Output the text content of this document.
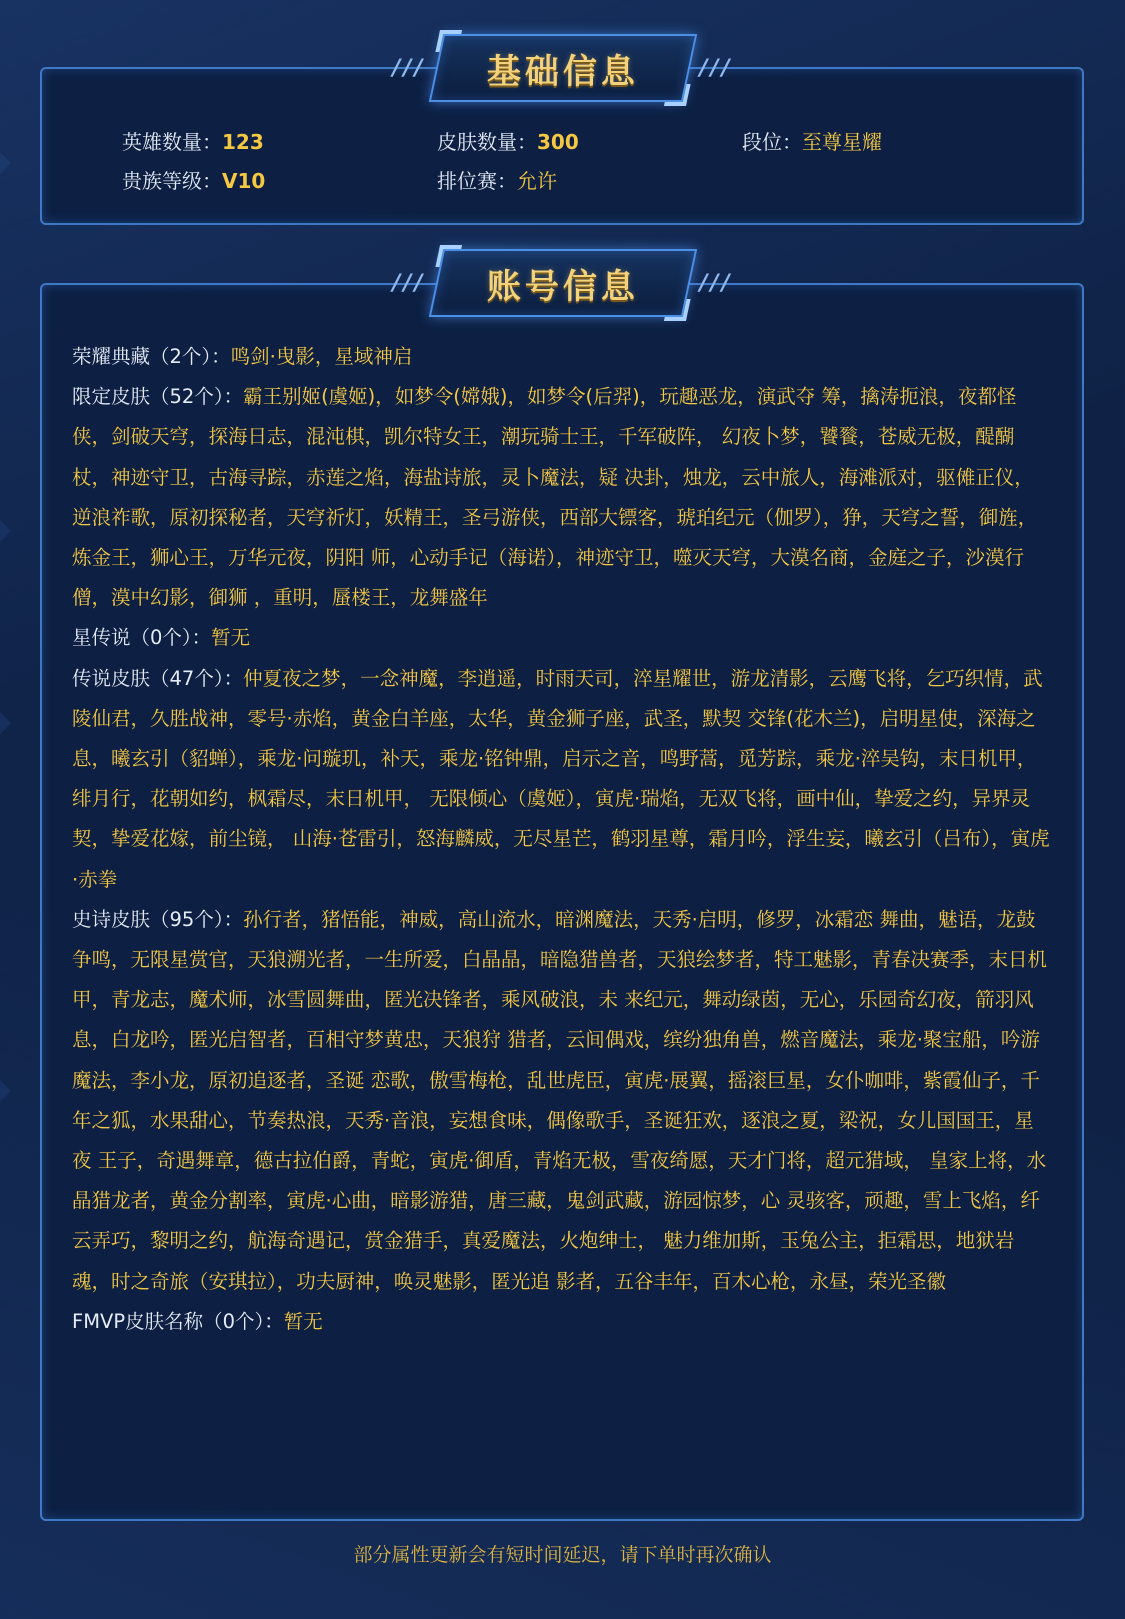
英雄数量：123	皮肤数量：300	段位：至尊星耀
贵族等级：V10	排位赛：允许
/// 基础信息	///

荣耀典藏（2个）：鸣剑·曳影，星域神启

限定皮肤（52个）：霸王别姬(虞姬)，如梦令(嫦娥)，如梦令(后羿)，玩趣恶龙，演武夺 筹，擒涛扼浪，夜都怪侠，剑破天穹，探海日志，混沌棋，凯尔特女王，潮玩骑士王，千军破阵， 幻夜卜梦，饕餮，苍威无极，醍醐杖，神迹守卫，古海寻踪，赤莲之焰，海盐诗旅，灵卜魔法，疑 决卦，烛龙，云中旅人，海滩派对，驱傩正仪，逆浪祚歌，原初探秘者，天穹祈灯，妖精王，圣弓游侠，西部大镖客，琥珀纪元（伽罗），狰，天穹之誓，御旌，炼金王，狮心王，万华元夜，阴阳 师，心动手记（海诺），神迹守卫，噬灭天穹，大漠名商，金庭之子，沙漠行僧，漠中幻影，御狮 ，重明，蜃楼王，龙舞盛年

星传说（0个）：暂无

传说皮肤（47个）：仲夏夜之梦，一念神魔，李逍遥，时雨天司，淬星耀世，游龙清影，云鹰飞将，乞巧织情，武陵仙君，久胜战神，零号·赤焰，黄金白羊座，太华，黄金狮子座，武圣，默契 交锋(花木兰)，启明星使，深海之息，曦玄引（貂蝉），乘龙·问璇玑，补天，乘龙·铭钟鼎，启示之音，鸣野蒿，觅芳踪，乘龙·淬吴钩，末日机甲，绯月行，花朝如约，枫霜尽，末日机甲， 无限倾心（虞姬），寅虎·瑞焰，无双飞将，画中仙，挚爱之约，异界灵契，挚爱花嫁，前尘镜， 山海·苍雷引，怒海麟威，无尽星芒，鹤羽星尊，霜月吟，浮生妄，曦玄引（吕布），寅虎·赤拳

史诗皮肤（95个）：孙行者，猪悟能，神威，高山流水，暗渊魔法，天秀·启明，修罗，冰霜恋 舞曲，魅语，龙鼓争鸣，无限星赏官，天狼溯光者，一生所爱，白晶晶，暗隐猎兽者，天狼绘梦者，特工魅影，青春决赛季，末日机甲，青龙志，魔术师，冰雪圆舞曲，匿光决锋者，乘风破浪，未 来纪元，舞动绿茵，无心，乐园奇幻夜，箭羽风息，白龙吟，匿光启智者，百相守梦黄忠，天狼狩 猎者，云间偶戏，缤纷独角兽，燃音魔法，乘龙·聚宝船，吟游魔法，李小龙，原初追逐者，圣诞 恋歌，傲雪梅枪，乱世虎臣，寅虎·展翼，摇滚巨星，女仆咖啡，紫霞仙子，千年之狐，水果甜心，节奏热浪，天秀·音浪，妄想食味，偶像歌手，圣诞狂欢，逐浪之夏，梁祝，女儿国国王，星夜 王子，奇遇舞章，德古拉伯爵，青蛇，寅虎·御盾，青焰无极，雪夜绮愿，天才门将，超元猎域， 皇家上将，水晶猎龙者，黄金分割率，寅虎·心曲，暗影游猎，唐三藏，鬼剑武藏，游园惊梦，心 灵骇客，顽趣，雪上飞焰，纤云弄巧，黎明之约，航海奇遇记，赏金猎手，真爱魔法，火炮绅士， 魅力维加斯，玉兔公主，拒霜思，地狱岩魂，时之奇旅（安琪拉），功夫厨神，唤灵魅影，匿光追 影者，五谷丰年，百木心枪，永昼，荣光圣徽

FMVP皮肤名称（0个）：暂无

/// 账号信息	///
部分属性更新会有短时间延迟，请下单时再次确认
